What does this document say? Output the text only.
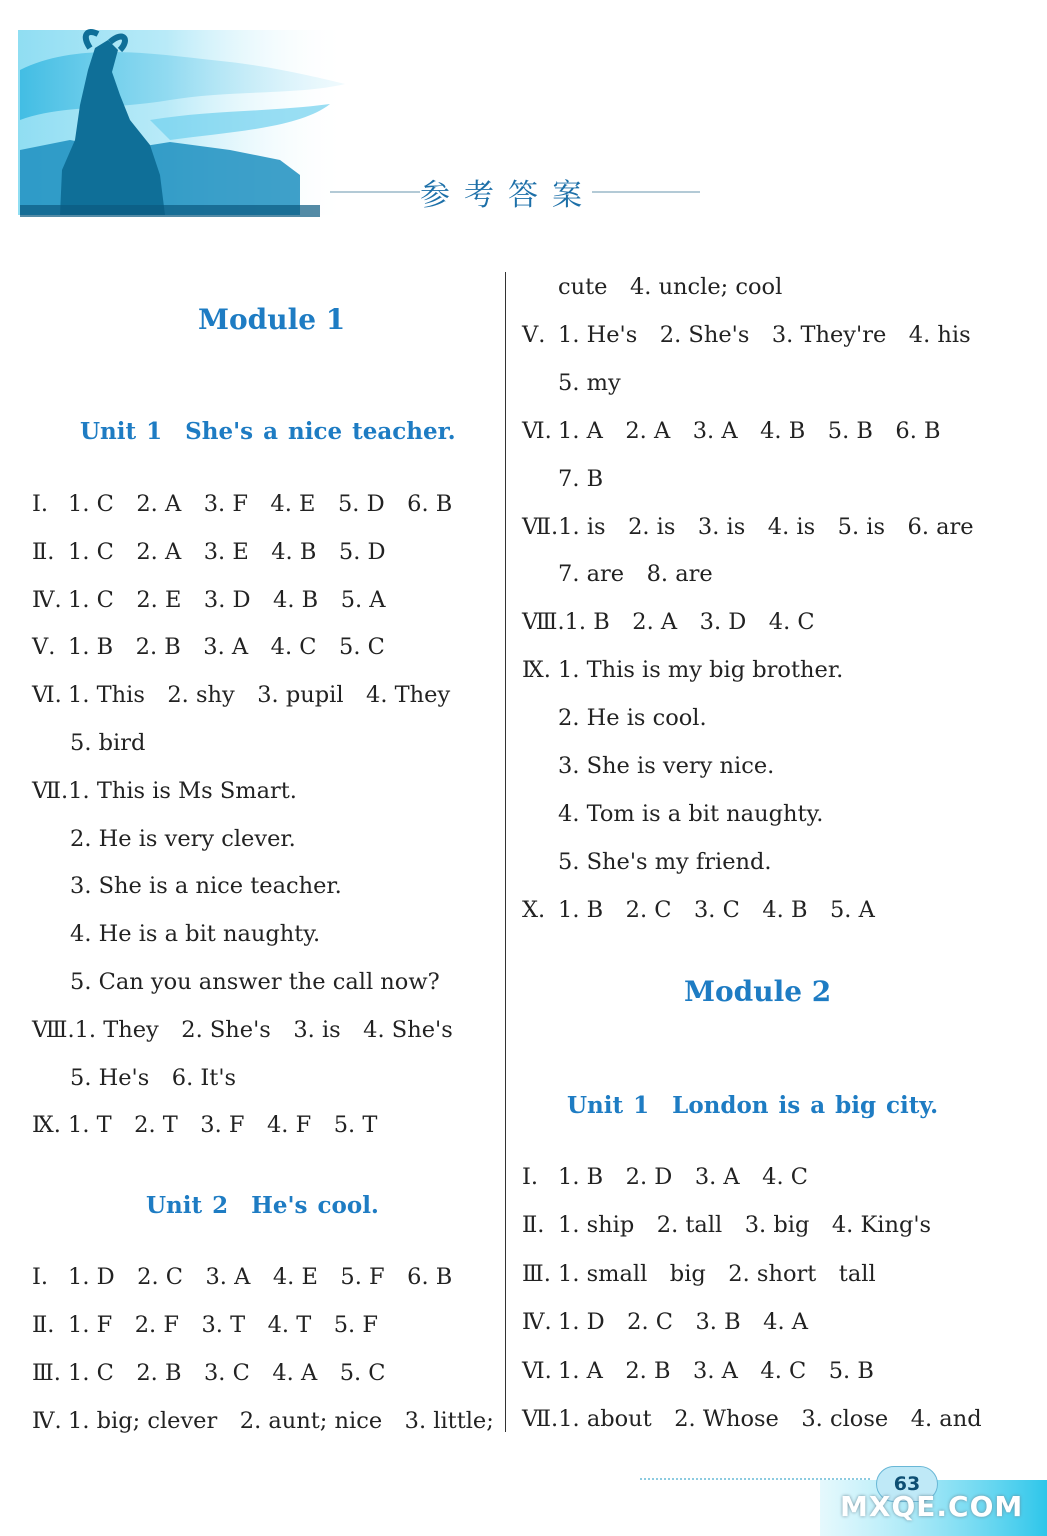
参考答案
Module 1
Unit 1　She's a nice teacher.
Ⅰ. 1. C　2. A　3. F　4. E　5. D　6. B
Ⅱ. 1. C　2. A　3. E　4. B　5. D
Ⅳ. 1. C　2. E　3. D　4. B　5. A
Ⅴ. 1. B　2. B　3. A　4. C　5. C
Ⅵ. 1. This　2. shy　3. pupil　4. They
5. bird
Ⅶ.1. This is Ms Smart.
2. He is very clever.
3. She is a nice teacher.
4. He is a bit naughty.
5. Can you answer the call now?
Ⅷ.1. They　2. She's　3. is　4. She's
5. He's　6. It's
Ⅸ. 1. T　2. T　3. F　4. F　5. T
Unit 2　He's cool.
Ⅰ. 1. D　2. C　3. A　4. E　5. F　6. B
Ⅱ. 1. F　2. F　3. T　4. T　5. F
Ⅲ. 1. C　2. B　3. C　4. A　5. C
Ⅳ. 1. big; clever　2. aunt; nice　3. little;
cute　4. uncle; cool
Ⅴ. 1. He's　2. She's　3. They're　4. his
5. my
Ⅵ. 1. A　2. A　3. A　4. B　5. B　6. B
7. B
Ⅶ.1. is　2. is　3. is　4. is　5. is　6. are
7. are　8. are
Ⅷ.1. B　2. A　3. D　4. C
Ⅸ. 1. This is my big brother.
2. He is cool.
3. She is very nice.
4. Tom is a bit naughty.
5. She's my friend.
Ⅹ. 1. B　2. C　3. C　4. B　5. A
Module 2
Unit 1　London is a big city.
Ⅰ. 1. B　2. D　3. A　4. C
Ⅱ. 1. ship　2. tall　3. big　4. King's
Ⅲ. 1. small　big　2. short　tall
Ⅳ. 1. D　2. C　3. B　4. A
Ⅵ. 1. A　2. B　3. A　4. C　5. B
Ⅶ.1. about　2. Whose　3. close　4. and
63
MXQE.COM
